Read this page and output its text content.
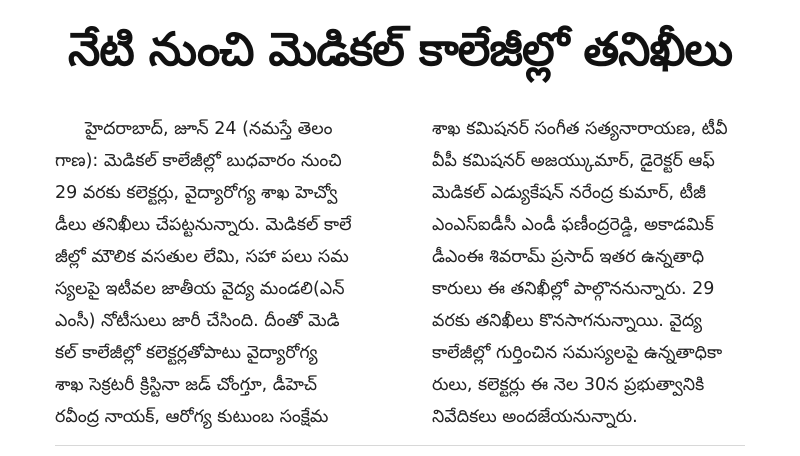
నేటి నుంచి మెడికల్ కాలేజీల్లో తనిఖీలు
హైదరాబాద్, జూన్ 24 (నమస్తే తెలం
గాణ): మెడికల్ కాలేజీల్లో బుధవారం నుంచి
29 వరకు కలెక్టర్లు, వైద్యారోగ్య శాఖ హెచ్వో
డీలు తనిఖీలు చేపట్టనున్నారు. మెడికల్ కాలే
జీల్లో మౌలిక వసతుల లేమి, సహా పలు సమ
స్యలపై ఇటీవల జాతీయ వైద్య మండలి(ఎన్
ఎంసీ) నోటీసులు జారీ చేసింది. దీంతో మెడి
కల్ కాలేజీల్లో కలెక్టర్లతోపాటు వైద్యారోగ్య
శాఖ సెక్రటరీ క్రిస్టినా జడ్ చోంగ్తూ, డీహెచ్
రవీంద్ర నాయక్, ఆరోగ్య కుటుంబ సంక్షేమ
శాఖ కమిషనర్ సంగీత సత్యనారాయణ, టీవీ
వీపీ కమిషనర్ అజయ్కుమార్, డైరెక్టర్ ఆఫ్
మెడికల్ ఎడ్యుకేషన్ నరేంద్ర కుమార్, టీజీ
ఎంఎస్ఐడీసీ ఎండీ ఫణీంద్రరెడ్డి, అకాడమిక్
డీఎంఈ శివరామ్ ప్రసాద్ ఇతర ఉన్నతాధి
కారులు ఈ తనిఖీల్లో పాల్గొననున్నారు. 29
వరకు తనిఖీలు కొనసాగనున్నాయి. వైద్య
కాలేజీల్లో గుర్తించిన సమస్యలపై ఉన్నతాధికా
రులు, కలెక్టర్లు ఈ నెల 30న ప్రభుత్వానికి
నివేదికలు అందజేయనున్నారు.
